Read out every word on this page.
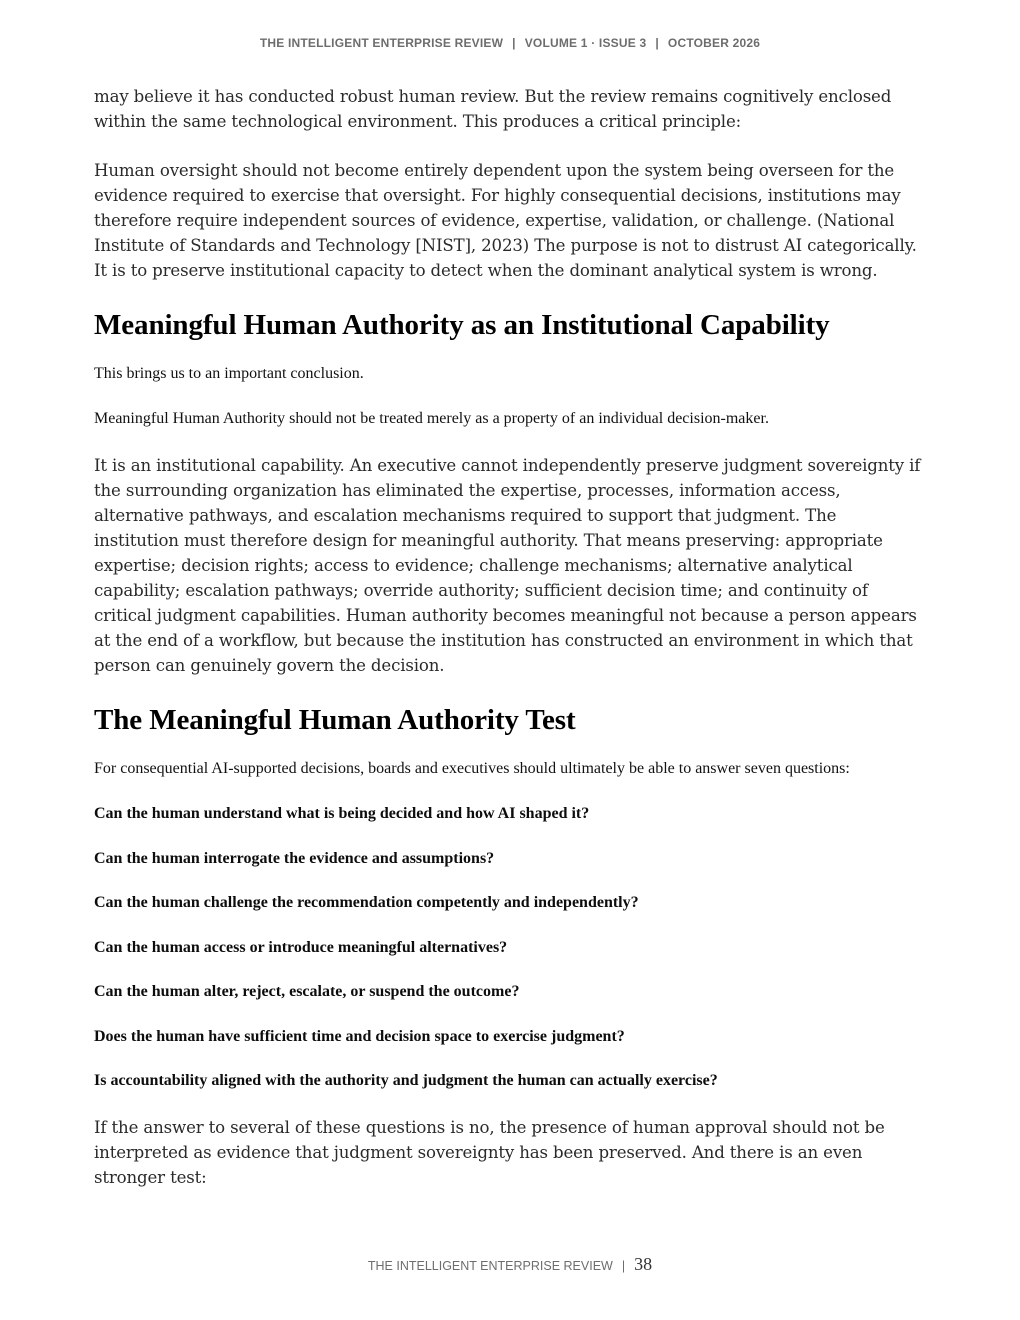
THE INTELLIGENT ENTERPRISE REVIEW | VOLUME 1 · ISSUE 3 | OCTOBER 2026

may believe it has conducted robust human review. But the review remains cognitively enclosed within the same technological environment. This produces a critical principle:

Human oversight should not become entirely dependent upon the system being overseen for the evidence required to exercise that oversight. For highly consequential decisions, institutions may therefore require independent sources of evidence, expertise, validation, or challenge. (National Institute of Standards and Technology [NIST], 2023) The purpose is not to distrust AI categorically. It is to preserve institutional capacity to detect when the dominant analytical system is wrong.

Meaningful Human Authority as an Institutional Capability

This brings us to an important conclusion.

Meaningful Human Authority should not be treated merely as a property of an individual decision-maker.

It is an institutional capability. An executive cannot independently preserve judgment sovereignty if the surrounding organization has eliminated the expertise, processes, information access, alternative pathways, and escalation mechanisms required to support that judgment. The institution must therefore design for meaningful authority. That means preserving: appropriate expertise; decision rights; access to evidence; challenge mechanisms; alternative analytical capability; escalation pathways; override authority; sufficient decision time; and continuity of critical judgment capabilities. Human authority becomes meaningful not because a person appears at the end of a workflow, but because the institution has constructed an environment in which that person can genuinely govern the decision.

The Meaningful Human Authority Test

For consequential AI-supported decisions, boards and executives should ultimately be able to answer seven questions:

Can the human understand what is being decided and how AI shaped it?

Can the human interrogate the evidence and assumptions?

Can the human challenge the recommendation competently and independently?

Can the human access or introduce meaningful alternatives?

Can the human alter, reject, escalate, or suspend the outcome?

Does the human have sufficient time and decision space to exercise judgment?

Is accountability aligned with the authority and judgment the human can actually exercise?

If the answer to several of these questions is no, the presence of human approval should not be interpreted as evidence that judgment sovereignty has been preserved. And there is an even stronger test:

THE INTELLIGENT ENTERPRISE REVIEW | 38
